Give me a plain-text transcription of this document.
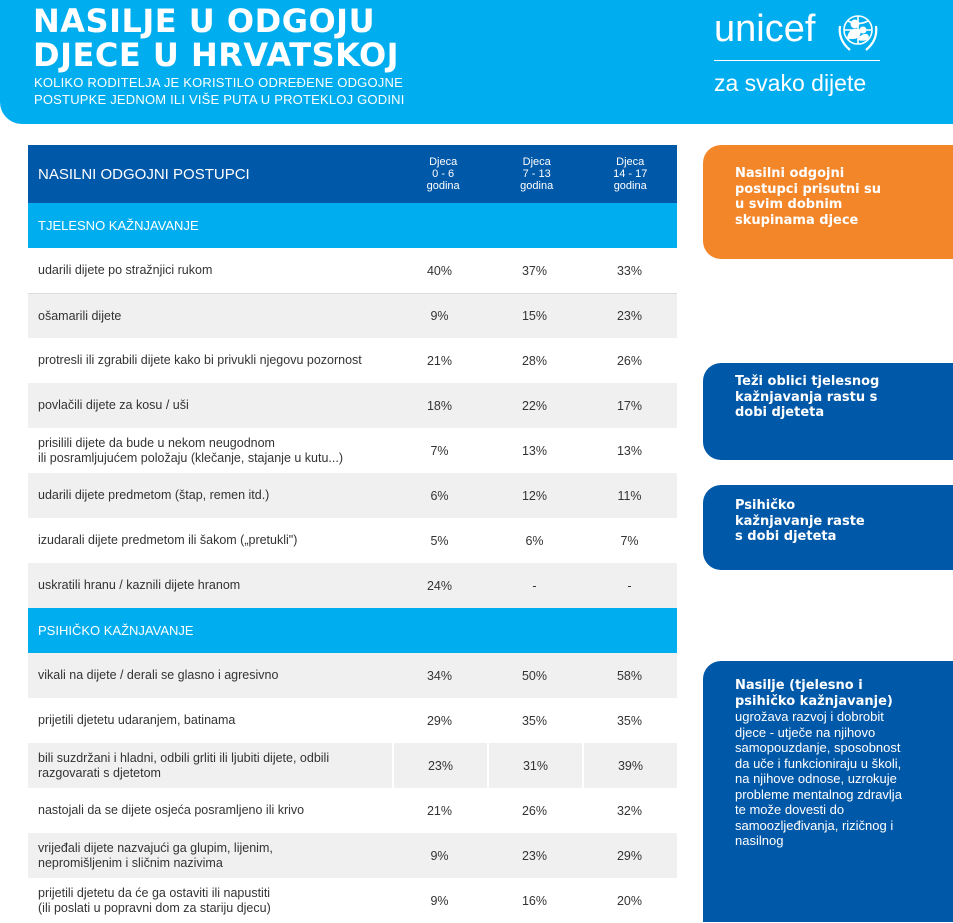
NASILJE U ODGOJU
DJECE U HRVATSKOJ
KOLIKO RODITELJA JE KORISTILO ODREĐENE ODGOJNE
POSTUPKE JEDNOM ILI VIŠE PUTA U PROTEKLOJ GODINI
unicef
za svako dijete
NASILNI ODGOJNI POSTUPCI
Djeca
0 - 6
godina
Djeca
7 - 13
godina
Djeca
14 - 17
godina
TJELESNO KAŽNJAVANJE
udarili dijete po stražnjici rukom	40%	37%	33%
ošamarili dijete	9%	15%	23%
protresli ili zgrabili dijete kako bi privukli njegovu pozornost	21%	28%	26%
povlačili dijete za kosu / uši	18%	22%	17%
prisilili dijete da bude u nekom neugodnom
ili posramljujućem položaju (klečanje, stajanje u kutu...)	7%	13%	13%
udarili dijete predmetom (štap, remen itd.)	6%	12%	11%
izudarali dijete predmetom ili šakom („pretukli")	5%	6%	7%
uskratili hranu / kaznili dijete hranom	24%	-	-
PSIHIČKO KAŽNJAVANJE
vikali na dijete / derali se glasno i agresivno	34%	50%	58%
prijetili djetetu udaranjem, batinama	29%	35%	35%
bili suzdržani i hladni, odbili grliti ili ljubiti dijete, odbili razgovarati s djetetom	23%	31%	39%
nastojali da se dijete osjeća posramljeno ili krivo	21%	26%	32%
vrijeđali dijete nazvajući ga glupim, lijenim,
nepromišljenim i sličnim nazivima	9%	23%	29%
prijetili djetetu da će ga ostaviti ili napustiti
(ili poslati u popravni dom za stariju djecu)	9%	16%	20%
Nasilni odgojni postupci prisutni su u svim dobnim skupinama djece
Teži oblici tjelesnog kažnjavanja rastu s dobi djeteta
Psihičko kažnjavanje raste s dobi djeteta
Nasilje (tjelesno i psihičko kažnjavanje)
ugrožava razvoj i dobrobit djece - utječe na njihovo samopouzdanje, sposobnost da uče i funkcioniraju u školi, na njihove odnose, uzrokuje probleme mentalnog zdravlja te može dovesti do samoozljeđivanja, rizičnog i nasilnog
